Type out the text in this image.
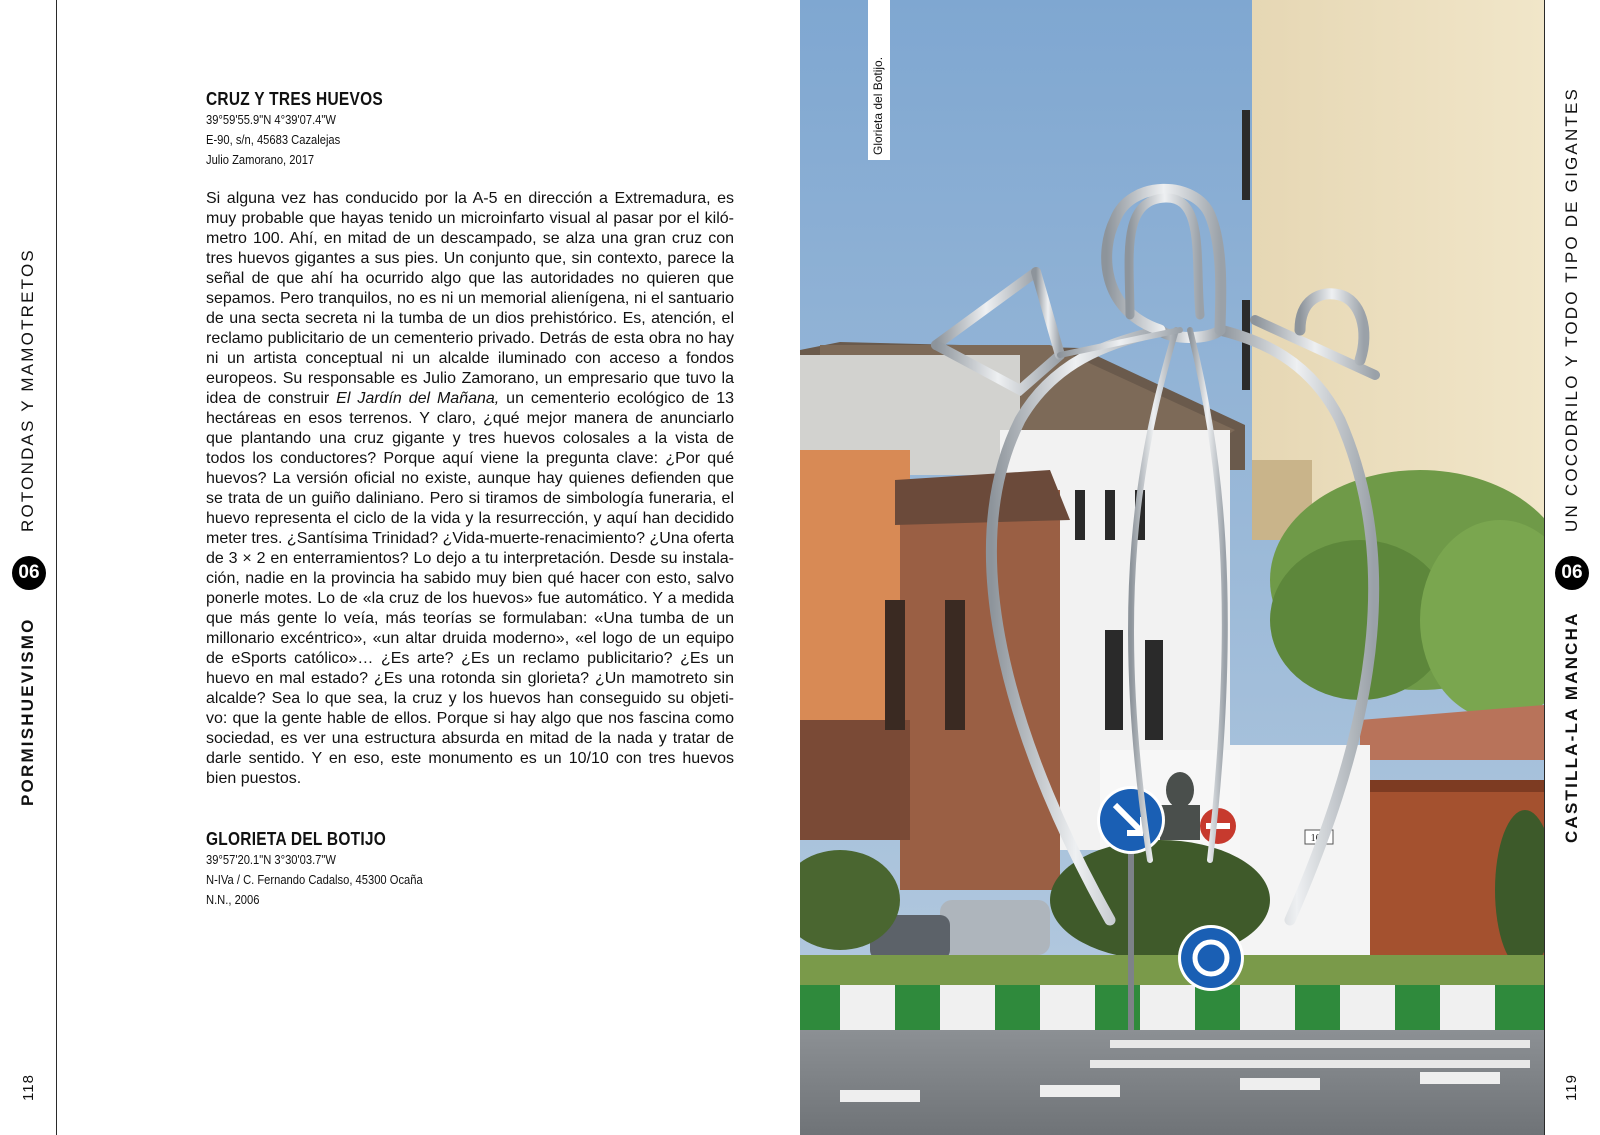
PORMISHUEVISMO
06
ROTONDAS Y MAMOTRETOS
118
CRUZ Y TRES HUEVOS
39°59'55.9"N 4°39'07.4"W
E-90, s/n, 45683 Cazalejas
Julio Zamorano, 2017
Si alguna vez has conducido por la A-5 en dirección a Extremadura, es muy probable que hayas tenido un microinfarto visual al pasar por el kiló-metro 100. Ahí, en mitad de un descampado, se alza una gran cruz con tres huevos gigantes a sus pies. Un conjunto que, sin contexto, parece la señal de que ahí ha ocurrido algo que las autoridades no quieren que sepamos. Pero tranquilos, no es ni un memorial alienígena, ni el santuario de una secta secreta ni la tumba de un dios prehistórico. Es, atención, el reclamo publicitario de un cementerio privado. Detrás de esta obra no hay ni un artista conceptual ni un alcalde iluminado con acceso a fondos europeos. Su responsable es Julio Zamorano, un empresario que tuvo la idea de construir El Jardín del Mañana, un cementerio ecológico de 13 hectáreas en esos terrenos. Y claro, ¿qué mejor manera de anunciarlo que plantando una cruz gigante y tres huevos colosales a la vista de todos los conductores? Porque aquí viene la pregunta clave: ¿Por qué huevos? La versión oficial no existe, aunque hay quienes defienden que se trata de un guiño daliniano. Pero si tiramos de simbología funeraria, el huevo representa el ciclo de la vida y la resurrección, y aquí han decidido meter tres. ¿Santísima Trinidad? ¿Vida-muerte-renacimiento? ¿Una oferta de 3 × 2 en enterramientos? Lo dejo a tu interpretación. Desde su instala-ción, nadie en la provincia ha sabido muy bien qué hacer con esto, salvo ponerle motes. Lo de «la cruz de los huevos» fue automático. Y a medida que más gente lo veía, más teorías se formulaban: «Una tumba de un millonario excéntrico», «un altar druida moderno», «el logo de un equipo de eSports católico»… ¿Es arte? ¿Es un reclamo publicitario? ¿Es un huevo en mal estado? ¿Es una rotonda sin glorieta? ¿Un mamotreto sin alcalde? Sea lo que sea, la cruz y los huevos han conseguido su objeti-vo: que la gente hable de ellos. Porque si hay algo que nos fascina como sociedad, es ver una estructura absurda en mitad de la nada y tratar de darle sentido. Y en eso, este monumento es un 10/10 con tres huevos bien puestos.
GLORIETA DEL BOTIJO
39°57'20.1"N 3°30'03.7"W
N-IVa / C. Fernando Cadalso, 45300 Ocaña
N.N., 2006
16B
Glorieta del Botijo.
CASTILLA-LA MANCHA
06
UN COCODRILO Y TODO TIPO DE GIGANTES
119
